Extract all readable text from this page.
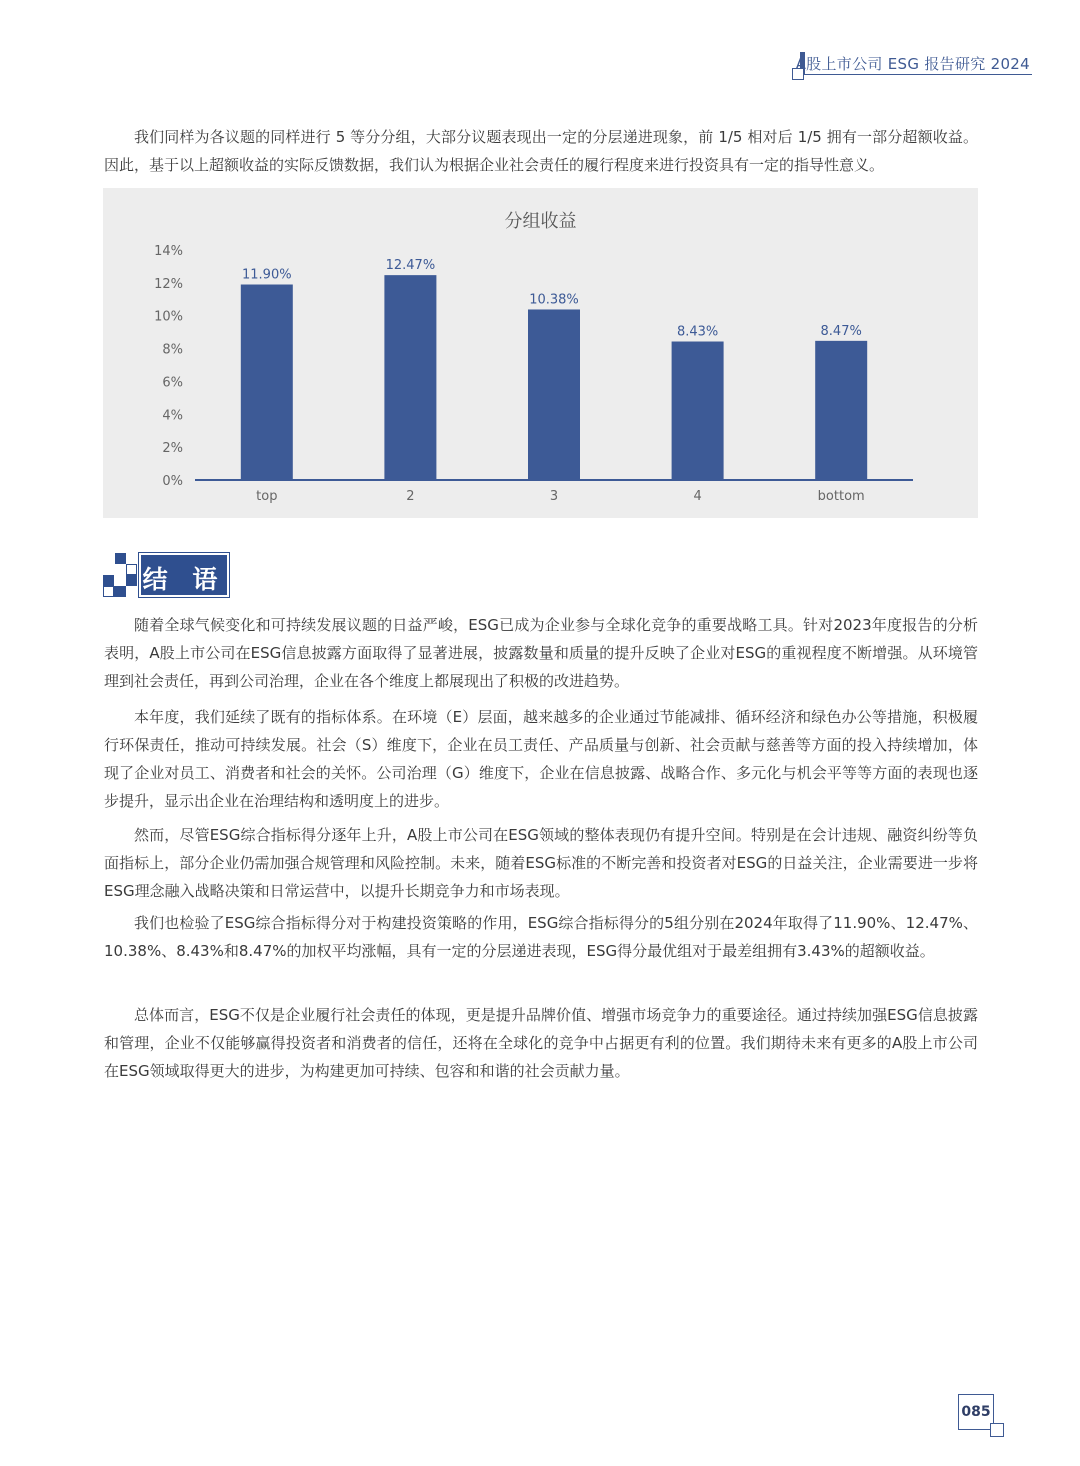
A股上市公司 ESG 报告研究 2024

我们同样为各议题的同样进行 5 等分分组，大部分议题表现出一定的分层递进现象，前 1/5 相对后 1/5 拥有一部分超额收益。因此，基于以上超额收益的实际反馈数据，我们认为根据企业社会责任的履行程度来进行投资具有一定的指导性意义。

分组收益
0%
2%
4%
6%
8%
10%
12%
14%
11.90%
top
12.47%
2
10.38%
3
8.43%
4
8.47%
bottom
结 语

随着全球气候变化和可持续发展议题的日益严峻，ESG已成为企业参与全球化竞争的重要战略工具。针对2023年度报告的分析表明，A股上市公司在ESG信息披露方面取得了显著进展，披露数量和质量的提升反映了企业对ESG的重视程度不断增强。从环境管理到社会责任，再到公司治理，企业在各个维度上都展现出了积极的改进趋势。

本年度，我们延续了既有的指标体系。在环境（E）层面，越来越多的企业通过节能减排、循环经济和绿色办公等措施，积极履行环保责任，推动可持续发展。社会（S）维度下，企业在员工责任、产品质量与创新、社会贡献与慈善等方面的投入持续增加，体现了企业对员工、消费者和社会的关怀。公司治理（G）维度下，企业在信息披露、战略合作、多元化与机会平等等方面的表现也逐步提升，显示出企业在治理结构和透明度上的进步。

然而，尽管ESG综合指标得分逐年上升，A股上市公司在ESG领域的整体表现仍有提升空间。特别是在会计违规、融资纠纷等负面指标上，部分企业仍需加强合规管理和风险控制。未来，随着ESG标准的不断完善和投资者对ESG的日益关注，企业需要进一步将ESG理念融入战略决策和日常运营中，以提升长期竞争力和市场表现。

我们也检验了ESG综合指标得分对于构建投资策略的作用，ESG综合指标得分的5组分别在2024年取得了11.90%、12.47%、10.38%、8.43%和8.47%的加权平均涨幅，具有一定的分层递进表现，ESG得分最优组对于最差组拥有3.43%的超额收益。

总体而言，ESG不仅是企业履行社会责任的体现，更是提升品牌价值、增强市场竞争力的重要途径。通过持续加强ESG信息披露和管理，企业不仅能够赢得投资者和消费者的信任，还将在全球化的竞争中占据更有利的位置。我们期待未来有更多的A股上市公司在ESG领域取得更大的进步，为构建更加可持续、包容和和谐的社会贡献力量。

085
